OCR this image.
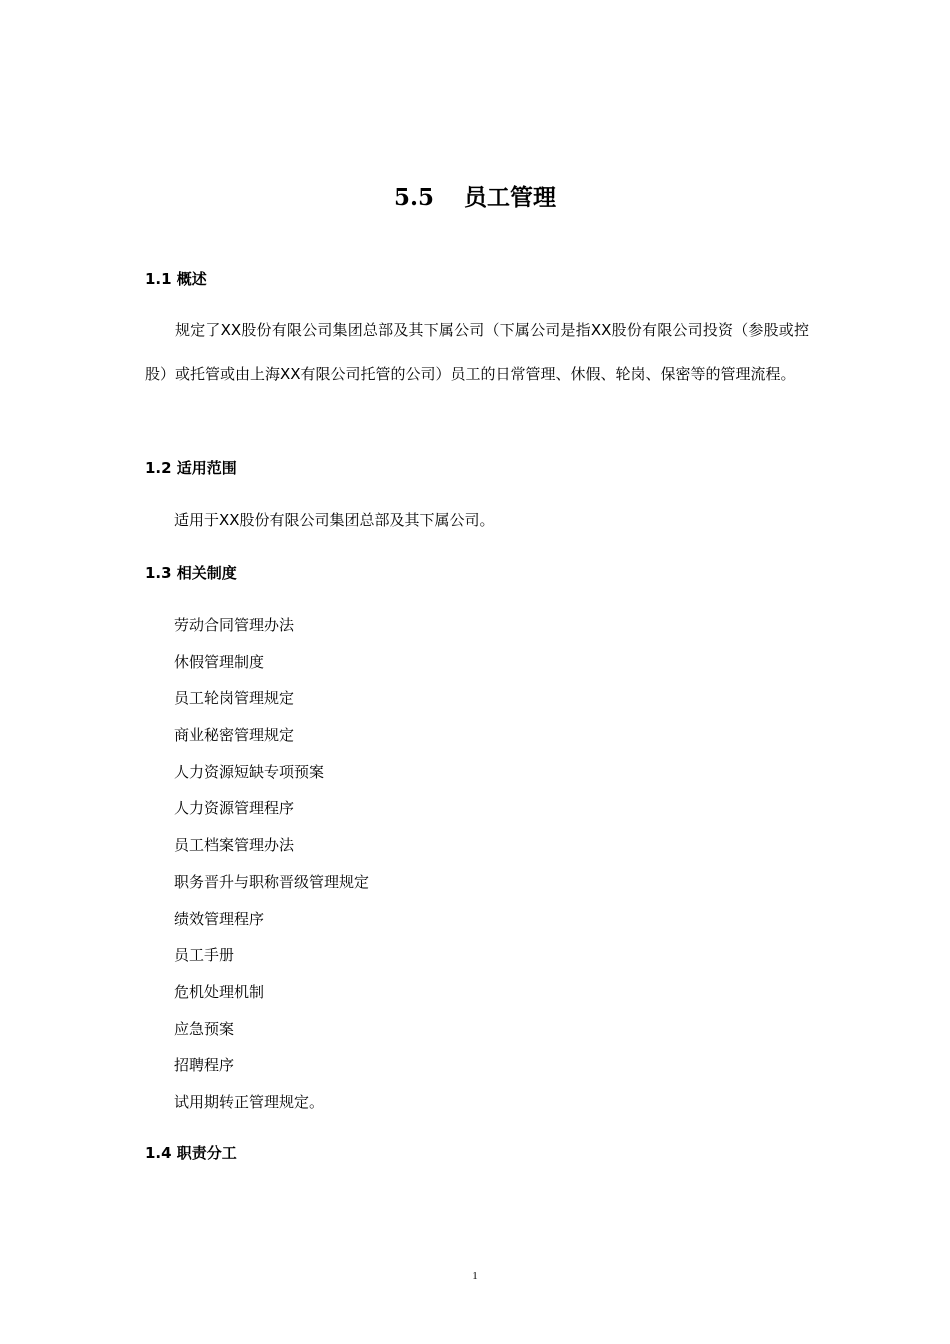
5.5 员工管理
1.1 概述
规定了XX股份有限公司集团总部及其下属公司（下属公司是指XX股份有限公司投资（参股或控股）或托管或由上海XX有限公司托管的公司）员工的日常管理、休假、轮岗、保密等的管理流程。
1.2 适用范围
适用于XX股份有限公司集团总部及其下属公司。
1.3 相关制度
劳动合同管理办法
休假管理制度
员工轮岗管理规定
商业秘密管理规定
人力资源短缺专项预案
人力资源管理程序
员工档案管理办法
职务晋升与职称晋级管理规定
绩效管理程序
员工手册
危机处理机制
应急预案
招聘程序
试用期转正管理规定。
1.4 职责分工
1
